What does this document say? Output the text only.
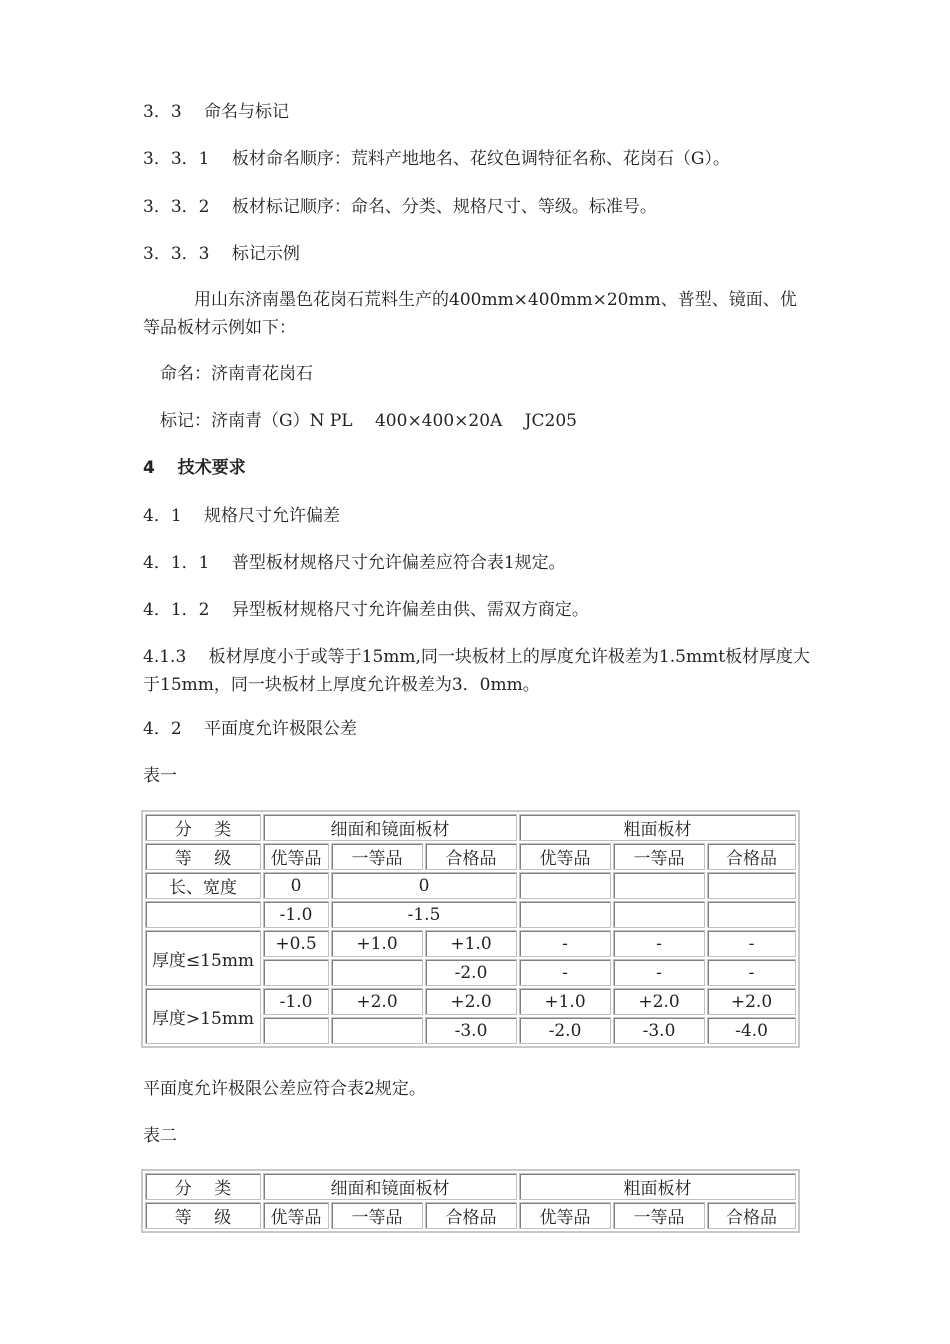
3．3　 命名与标记
3．3．1　 板材命名顺序：荒料产地地名、花纹色调特征名称、花岗石（G）。
3．3．2　 板材标记顺序：命名、分类、规格尺寸、等级。标准号。
3．3．3　 标记示例
　　　用山东济南墨色花岗石荒料生产的400mm×400mm×20mm、普型、镜面、优等品板材示例如下：
　命名：济南青花岗石
　标记：济南青（G）N PL　 400×400×20A　 JC205
4　 技术要求
4．1　 规格尺寸允许偏差
4．1．1　 普型板材规格尺寸允许偏差应符合表1规定。
4．1．2　 异型板材规格尺寸允许偏差由供、需双方商定。
4.1.3　 板材厚度小于或等于15mm,同一块板材上的厚度允许极差为1.5mmt板材厚度大于15mm，同一块板材上厚度允许极差为3．0mm。
4．2　 平面度允许极限公差
表一
分　 类	细面和镜面板材			粗面板材		
等　 级	优等品	一等品	合格品	优等品	一等品	合格品
长、宽度	0	0				
	-1.0	-1.5				
厚度≤15mm	+0.5	+1.0	+1.0	-	-	-
			-2.0	-	-	-
厚度>15mm	-1.0	+2.0	+2.0	+1.0	+2.0	+2.0
			-3.0	-2.0	-3.0	-4.0
平面度允许极限公差应符合表2规定。
表二
分　 类	细面和镜面板材			粗面板材		
等　 级	优等品	一等品	合格品	优等品	一等品	合格品
